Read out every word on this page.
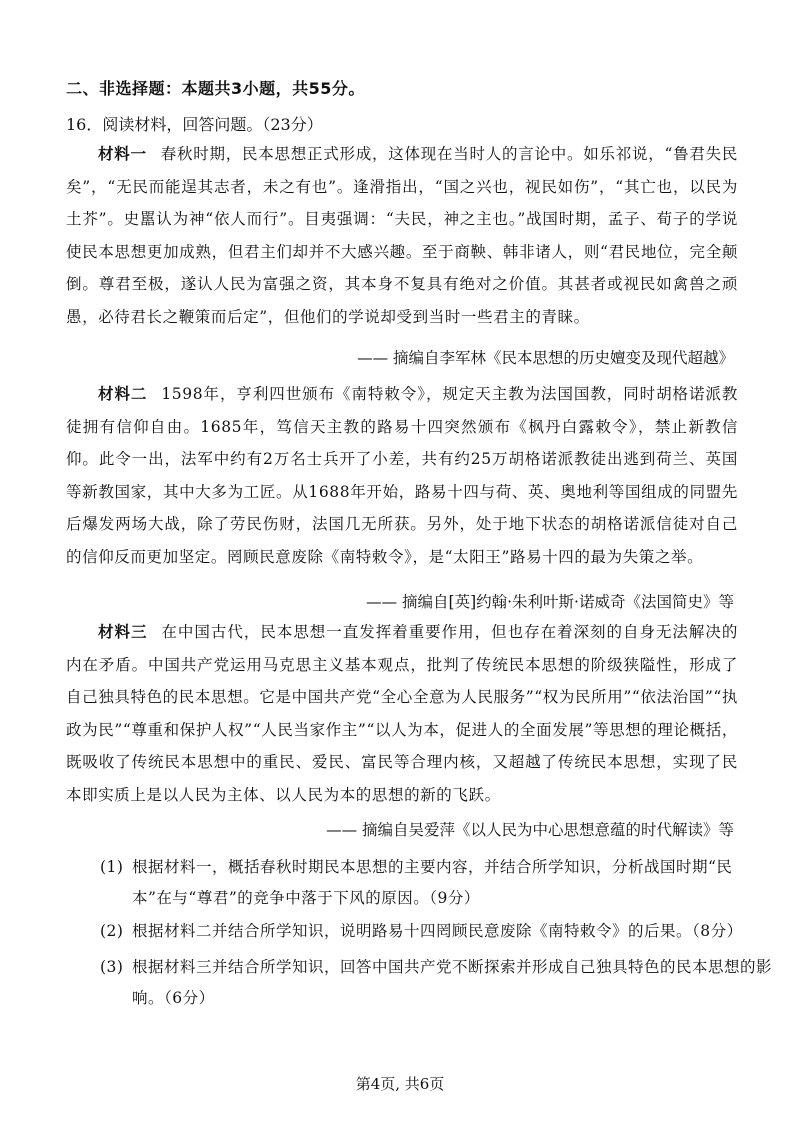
二、非选择题：本题共3小题，共55分。
16．阅读材料，回答问题。（23分）
材料一 春秋时期，民本思想正式形成，这体现在当时人的言论中。如乐祁说，“鲁君失民矣”，“无民而能逞其志者，未之有也”。逢滑指出，“国之兴也，视民如伤”，“其亡也，以民为土芥”。史嚚认为神“依人而行”。目夷强调：“夫民，神之主也。”战国时期，孟子、荀子的学说使民本思想更加成熟，但君主们却并不大感兴趣。至于商鞅、韩非诸人，则“君民地位，完全颠倒。尊君至极，遂认人民为富强之资，其本身不复具有绝对之价值。其甚者或视民如禽兽之顽愚，必待君长之鞭策而后定”，但他们的学说却受到当时一些君主的青睐。
—— 摘编自李军林《民本思想的历史嬗变及现代超越》
材料二 1598年，亨利四世颁布《南特敕令》，规定天主教为法国国教，同时胡格诺派教徒拥有信仰自由。1685年，笃信天主教的路易十四突然颁布《枫丹白露敕令》，禁止新教信仰。此令一出，法军中约有2万名士兵开了小差，共有约25万胡格诺派教徒出逃到荷兰、英国等新教国家，其中大多为工匠。从1688年开始，路易十四与荷、英、奥地利等国组成的同盟先后爆发两场大战，除了劳民伤财，法国几无所获。另外，处于地下状态的胡格诺派信徒对自己的信仰反而更加坚定。罔顾民意废除《南特敕令》，是“太阳王”路易十四的最为失策之举。
—— 摘编自[英]约翰·朱利叶斯·诺威奇《法国简史》等
材料三 在中国古代，民本思想一直发挥着重要作用，但也存在着深刻的自身无法解决的内在矛盾。中国共产党运用马克思主义基本观点，批判了传统民本思想的阶级狭隘性，形成了自己独具特色的民本思想。它是中国共产党“全心全意为人民服务”“权为民所用”“依法治国”“执政为民”“尊重和保护人权”“人民当家作主”“以人为本，促进人的全面发展”等思想的理论概括，既吸收了传统民本思想中的重民、爱民、富民等合理内核，又超越了传统民本思想，实现了民本即实质上是以人民为主体、以人民为本的思想的新的飞跃。
—— 摘编自吴爱萍《以人民为中心思想意蕴的时代解读》等
(1) 根据材料一，概括春秋时期民本思想的主要内容，并结合所学知识，分析战国时期“民本”在与“尊君”的竞争中落于下风的原因。（9分）
(2) 根据材料二并结合所学知识，说明路易十四罔顾民意废除《南特敕令》的后果。（8分）
(3) 根据材料三并结合所学知识，回答中国共产党不断探索并形成自己独具特色的民本思想的影响。（6分）
第4页, 共6页
